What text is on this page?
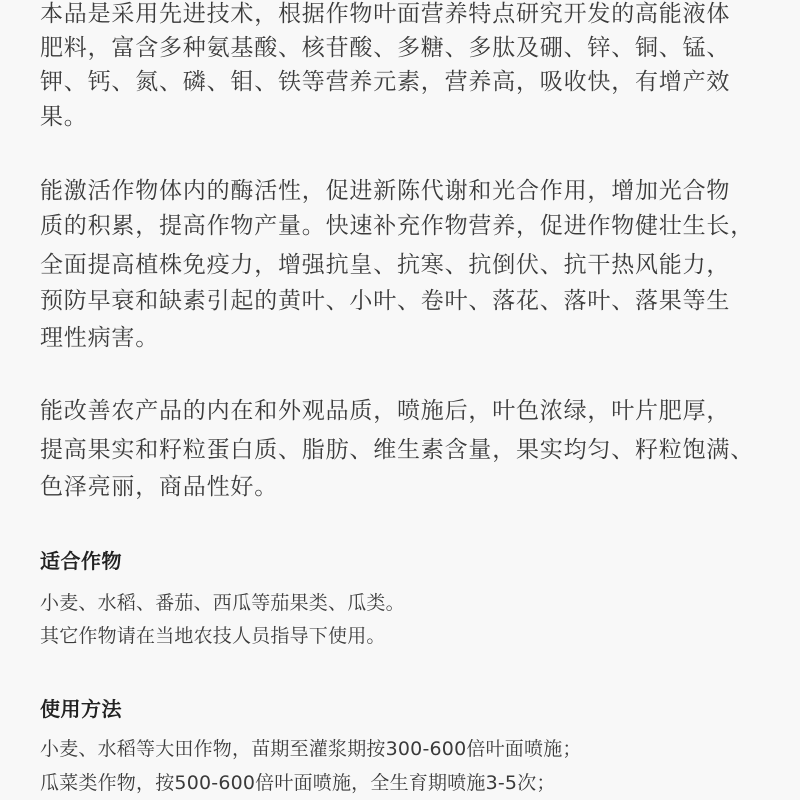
本品是采用先进技术，根据作物叶面营养特点研究开发的高能液体
肥料，富含多种氨基酸、核苷酸、多糖、多肽及硼、锌、铜、锰、
钾、钙、氮、磷、钼、铁等营养元素，营养高，吸收快，有增产效
果。
能激活作物体内的酶活性，促进新陈代谢和光合作用，增加光合物
质的积累，提高作物产量。快速补充作物营养，促进作物健壮生长，
全面提高植株免疫力，增强抗皇、抗寒、抗倒伏、抗干热风能力，
预防早衰和缺素引起的黄叶、小叶、卷叶、落花、落叶、落果等生
理性病害。
能改善农产品的内在和外观品质，喷施后，叶色浓绿，叶片肥厚，
提高果实和籽粒蛋白质、脂肪、维生素含量，果实均匀、籽粒饱满、
色泽亮丽，商品性好。
适合作物
小麦、水稻、番茄、西瓜等茄果类、瓜类。
其它作物请在当地农技人员指导下使用。
使用方法
小麦、水稻等大田作物，苗期至灌浆期按300-600倍叶面喷施；
瓜菜类作物，按500-600倍叶面喷施，全生育期喷施3-5次；
